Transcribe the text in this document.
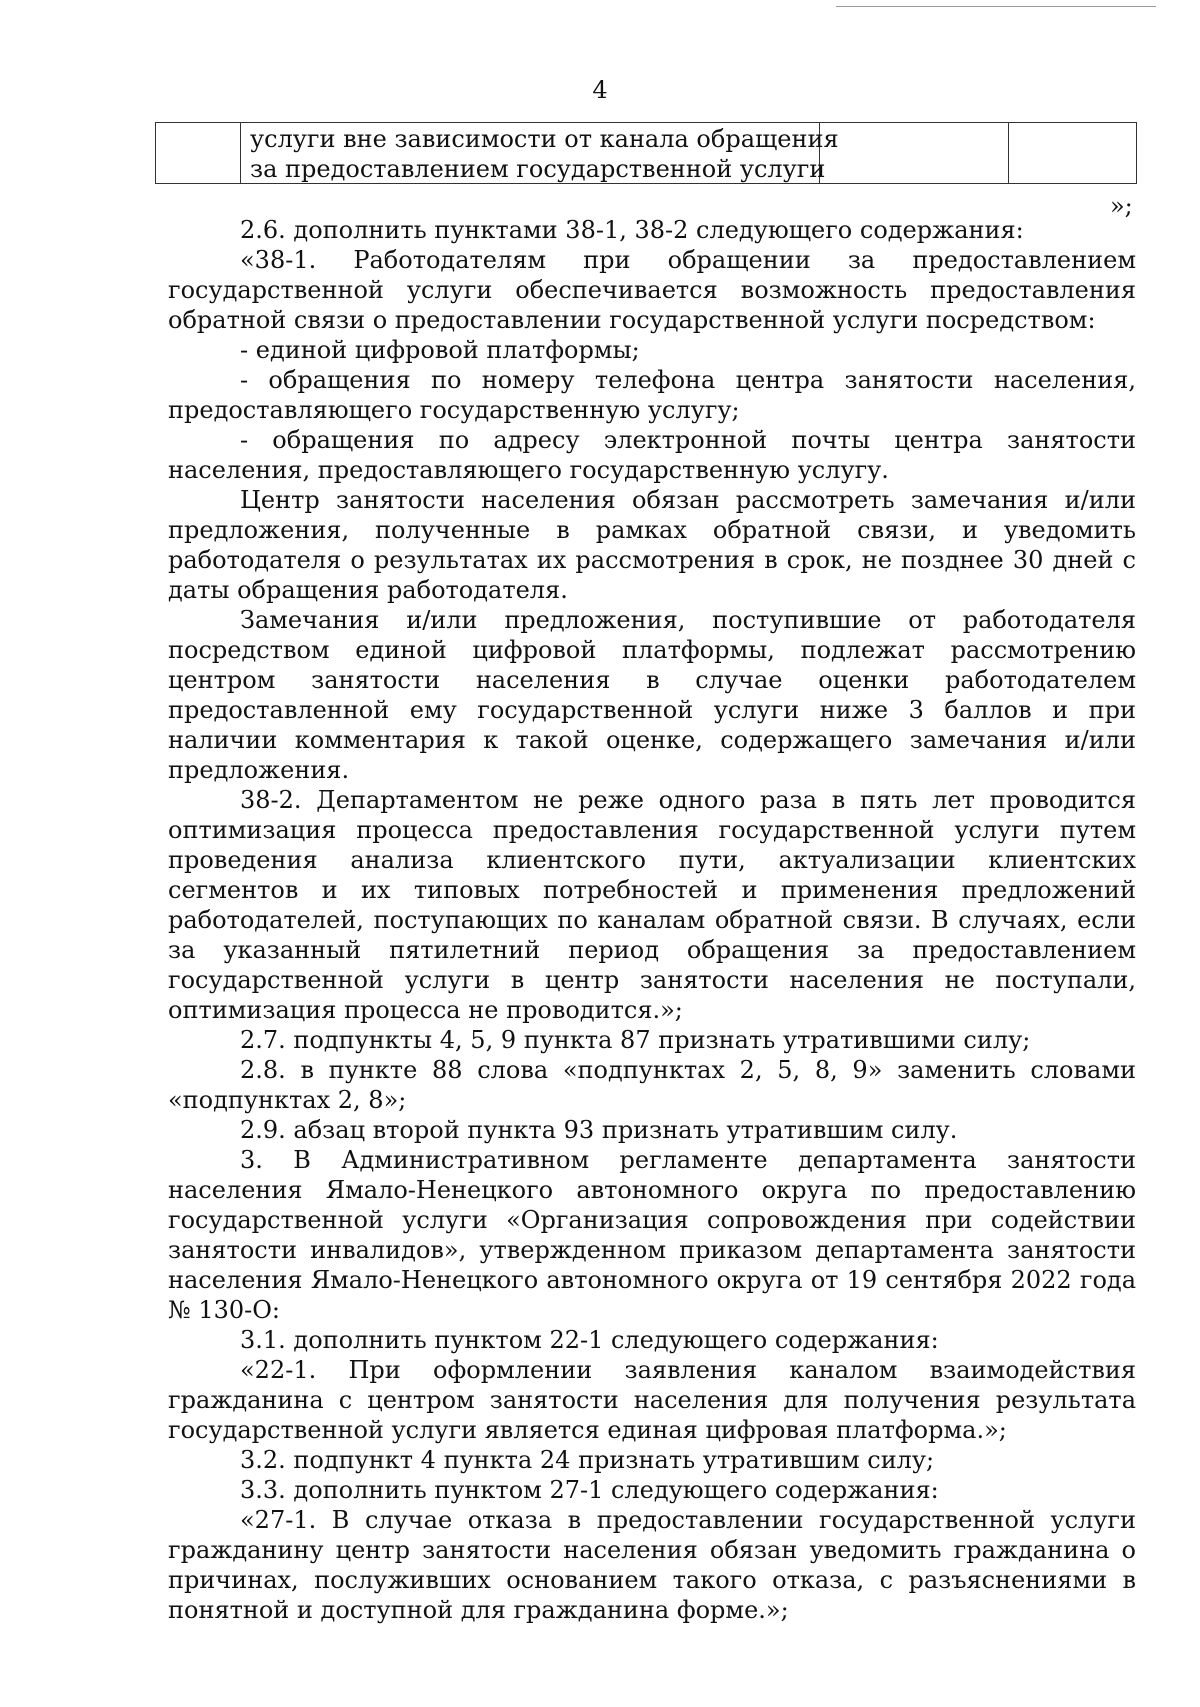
4
услуги вне зависимости от канала обращения
за предоставлением государственной услуги
»;

2.6. дополнить пунктами 38-1, 38-2 следующего содержания:

«38-1. Работодателям при обращении за предоставлением государственной услуги обеспечивается возможность предоставления обратной связи о предоставлении государственной услуги посредством:

- единой цифровой платформы;

- обращения по номеру телефона центра занятости населения, предоставляющего государственную услугу;

- обращения по адресу электронной почты центра занятости населения, предоставляющего государственную услугу.

Центр занятости населения обязан рассмотреть замечания и/или предложения, полученные в рамках обратной связи, и уведомить работодателя о результатах их рассмотрения в срок, не позднее 30 дней с даты обращения работодателя.

Замечания и/или предложения, поступившие от работодателя посредством единой цифровой платформы, подлежат рассмотрению центром занятости населения в случае оценки работодателем предоставленной ему государственной услуги ниже 3 баллов и при наличии комментария к такой оценке, содержащего замечания и/или предложения.

38-2. Департаментом не реже одного раза в пять лет проводится оптимизация процесса предоставления государственной услуги путем проведения анализа клиентского пути, актуализации клиентских сегментов и их типовых потребностей и применения предложений работодателей, поступающих по каналам обратной связи. В случаях, если за указанный пятилетний период обращения за предоставлением государственной услуги в центр занятости населения не поступали, оптимизация процесса не проводится.»;

2.7. подпункты 4, 5, 9 пункта 87 признать утратившими силу;

2.8. в пункте 88 слова «подпунктах 2, 5, 8, 9» заменить словами «подпунктах 2, 8»;

2.9. абзац второй пункта 93 признать утратившим силу.

3. В Административном регламенте департамента занятости населения Ямало-Ненецкого автономного округа по предоставлению государственной услуги «Организация сопровождения при содействии занятости инвалидов», утвержденном приказом департамента занятости населения Ямало-Ненецкого автономного округа от 19 сентября 2022 года № 130-О:

3.1. дополнить пунктом 22-1 следующего содержания:

«22-1. При оформлении заявления каналом взаимодействия гражданина с центром занятости населения для получения результата государственной услуги является единая цифровая платформа.»;

3.2. подпункт 4 пункта 24 признать утратившим силу;

3.3. дополнить пунктом 27-1 следующего содержания:

«27-1. В случае отказа в предоставлении государственной услуги гражданину центр занятости населения обязан уведомить гражданина о причинах, послуживших основанием такого отказа, с разъяснениями в понятной и доступной для гражданина форме.»;
